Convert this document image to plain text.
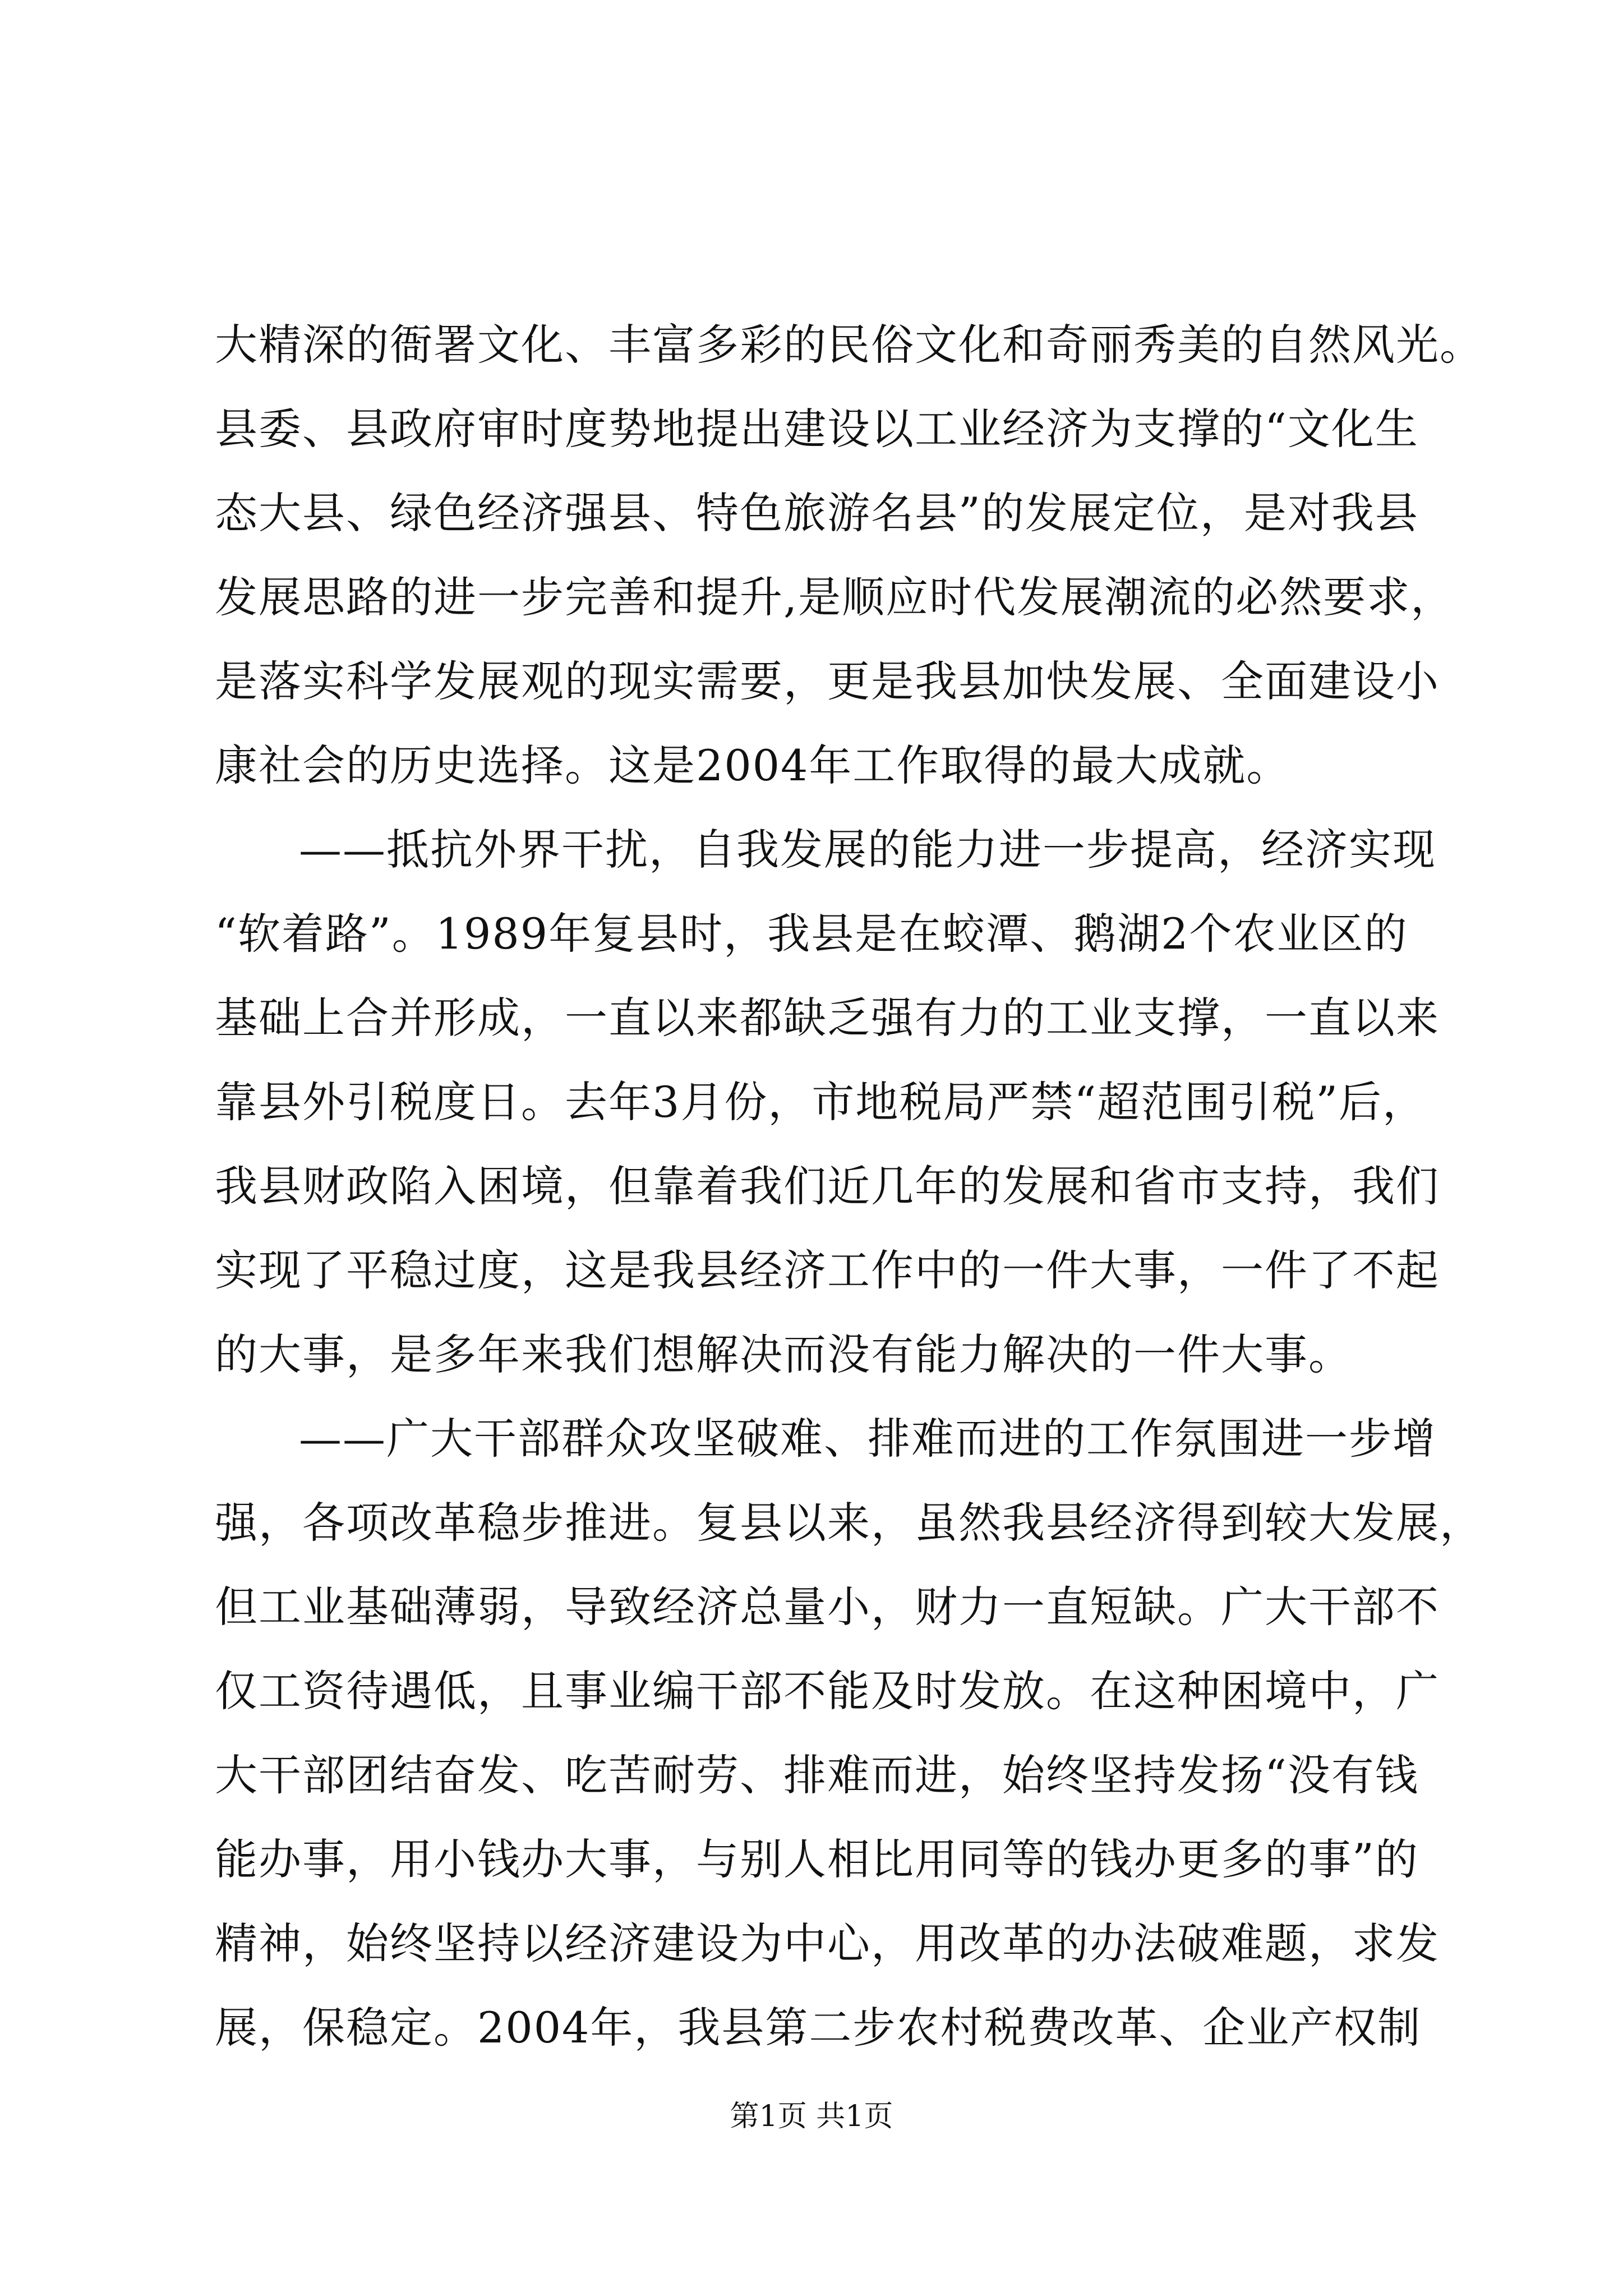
大精深的衙署文化、丰富多彩的民俗文化和奇丽秀美的自然风光。
县委、县政府审时度势地提出建设以工业经济为支撑的“文化生
态大县、绿色经济强县、特色旅游名县”的发展定位，是对我县
发展思路的进一步完善和提升,是顺应时代发展潮流的必然要求，
是落实科学发展观的现实需要，更是我县加快发展、全面建设小
康社会的历史选择。这是2004年工作取得的最大成就。
——抵抗外界干扰，自我发展的能力进一步提高，经济实现
“软着路”。1989年复县时，我县是在蛟潭、鹅湖2个农业区的
基础上合并形成，一直以来都缺乏强有力的工业支撑，一直以来
靠县外引税度日。去年3月份，市地税局严禁“超范围引税”后，
我县财政陷入困境，但靠着我们近几年的发展和省市支持，我们
实现了平稳过度，这是我县经济工作中的一件大事，一件了不起
的大事，是多年来我们想解决而没有能力解决的一件大事。
——广大干部群众攻坚破难、排难而进的工作氛围进一步增
强，各项改革稳步推进。复县以来，虽然我县经济得到较大发展，
但工业基础薄弱，导致经济总量小，财力一直短缺。广大干部不
仅工资待遇低，且事业编干部不能及时发放。在这种困境中，广
大干部团结奋发、吃苦耐劳、排难而进，始终坚持发扬“没有钱
能办事，用小钱办大事，与别人相比用同等的钱办更多的事”的
精神，始终坚持以经济建设为中心，用改革的办法破难题，求发
展，保稳定。2004年，我县第二步农村税费改革、企业产权制
第1页 共1页
